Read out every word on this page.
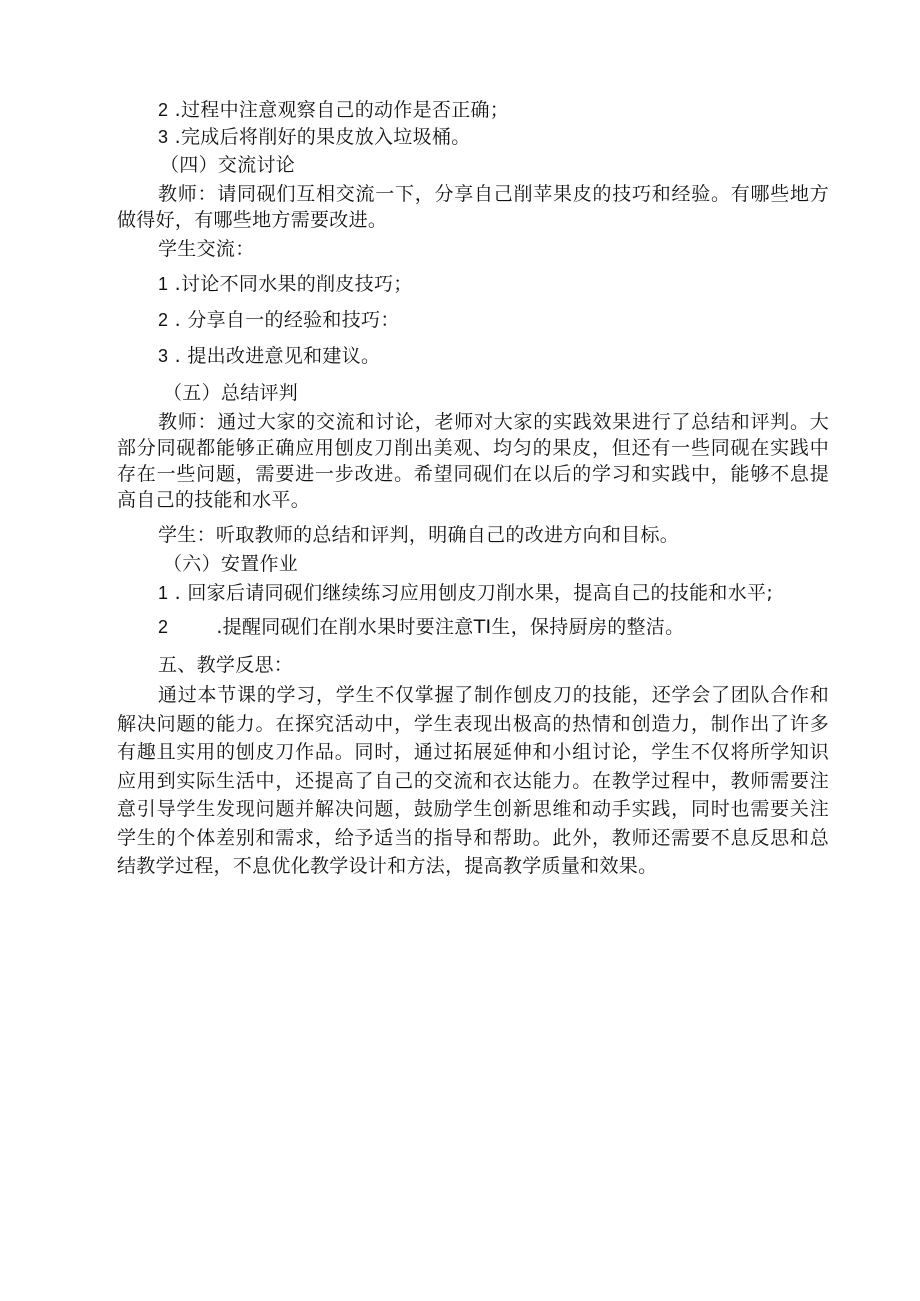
2 .过程中注意观察自己的动作是否正确；
3 .完成后将削好的果皮放入垃圾桶。
（四）交流讨论
教师：请同砚们互相交流一下，分享自己削苹果皮的技巧和经验。有哪些地方做得好，有哪些地方需要改进。
学生交流：
1 .讨论不同水果的削皮技巧；
2 . 分享自一的经验和技巧：
3 . 提出改进意见和建议。
（五）总结评判
教师：通过大家的交流和讨论，老师对大家的实践效果进行了总结和评判。大部分同砚都能够正确应用刨皮刀削出美观、均匀的果皮，但还有一些同砚在实践中存在一些问题，需要进一步改进。希望同砚们在以后的学习和实践中，能够不息提高自己的技能和水平。
学生：听取教师的总结和评判，明确自己的改进方向和目标。
（六）安置作业
1 . 回家后请同砚们继续练习应用刨皮刀削水果，提高自己的技能和水平;
2	.提醒同砚们在削水果时要注意TI生，保持厨房的整洁。
五、教学反思：
通过本节课的学习，学生不仅掌握了制作刨皮刀的技能，还学会了团队合作和解决问题的能力。在探究活动中，学生表现出极高的热情和创造力，制作出了许多有趣且实用的刨皮刀作品。同时，通过拓展延伸和小组讨论，学生不仅将所学知识应用到实际生活中，还提高了自己的交流和衣达能力。在教学过程中，教师需要注意引导学生发现问题并解决问题，鼓励学生创新思维和动手实践，同时也需要关注学生的个体差别和需求，给予适当的指导和帮助。此外，教师还需要不息反思和总结教学过程，不息优化教学设计和方法，提高教学质量和效果。
